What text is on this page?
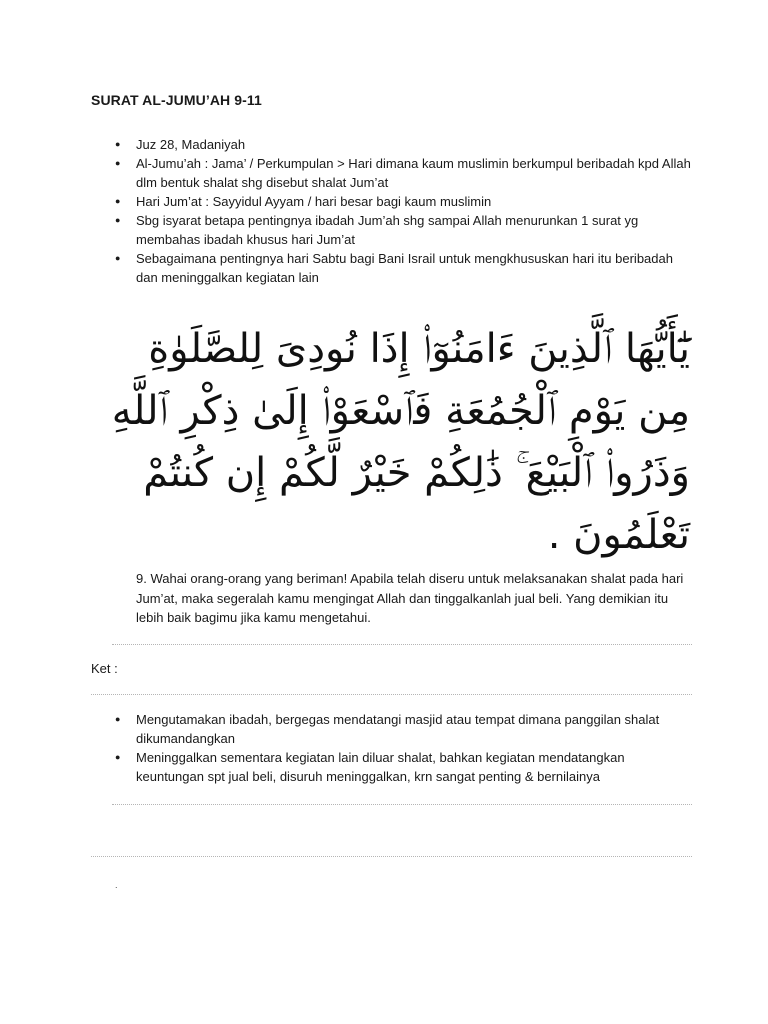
SURAT AL-JUMU’AH 9-11
● Juz 28, Madaniyah
● Al-Jumu’ah : Jama’ / Perkumpulan > Hari dimana kaum muslimin berkumpul beribadah kpd Allah dlm bentuk shalat shg disebut shalat Jum’at
● Hari Jum’at : Sayyidul Ayyam / hari besar bagi kaum muslimin
● Sbg isyarat betapa pentingnya ibadah Jum’ah shg sampai Allah menurunkan 1 surat yg membahas ibadah khusus hari Jum’at
● Sebagaimana pentingnya hari Sabtu bagi Bani Israil untuk mengkhususkan hari itu beribadah dan meninggalkan kegiatan lain
يَٰٓأَيُّهَا ٱلَّذِينَ ءَامَنُوٓا۟ إِذَا نُودِىَ لِلصَّلَوٰةِ مِن يَوْمِ ٱلْجُمُعَةِ فَٱسْعَوْا۟ إِلَىٰ ذِكْرِ ٱللَّهِ وَذَرُوا۟ ٱلْبَيْعَ ۚ ذَٰلِكُمْ خَيْرٌ لَّكُمْ إِن كُنتُمْ تَعْلَمُونَ .
9. Wahai orang-orang yang beriman! Apabila telah diseru untuk melaksanakan shalat pada hari Jum’at, maka segeralah kamu mengingat Allah dan tinggalkanlah jual beli. Yang demikian itu lebih baik bagimu jika kamu mengetahui.
Ket :
● Mengutamakan ibadah, bergegas mendatangi masjid atau tempat dimana panggilan shalat dikumandangkan
● Meninggalkan sementara kegiatan lain diluar shalat, bahkan kegiatan mendatangkan keuntungan spt jual beli, disuruh meninggalkan, krn sangat penting & bernilainya
.
